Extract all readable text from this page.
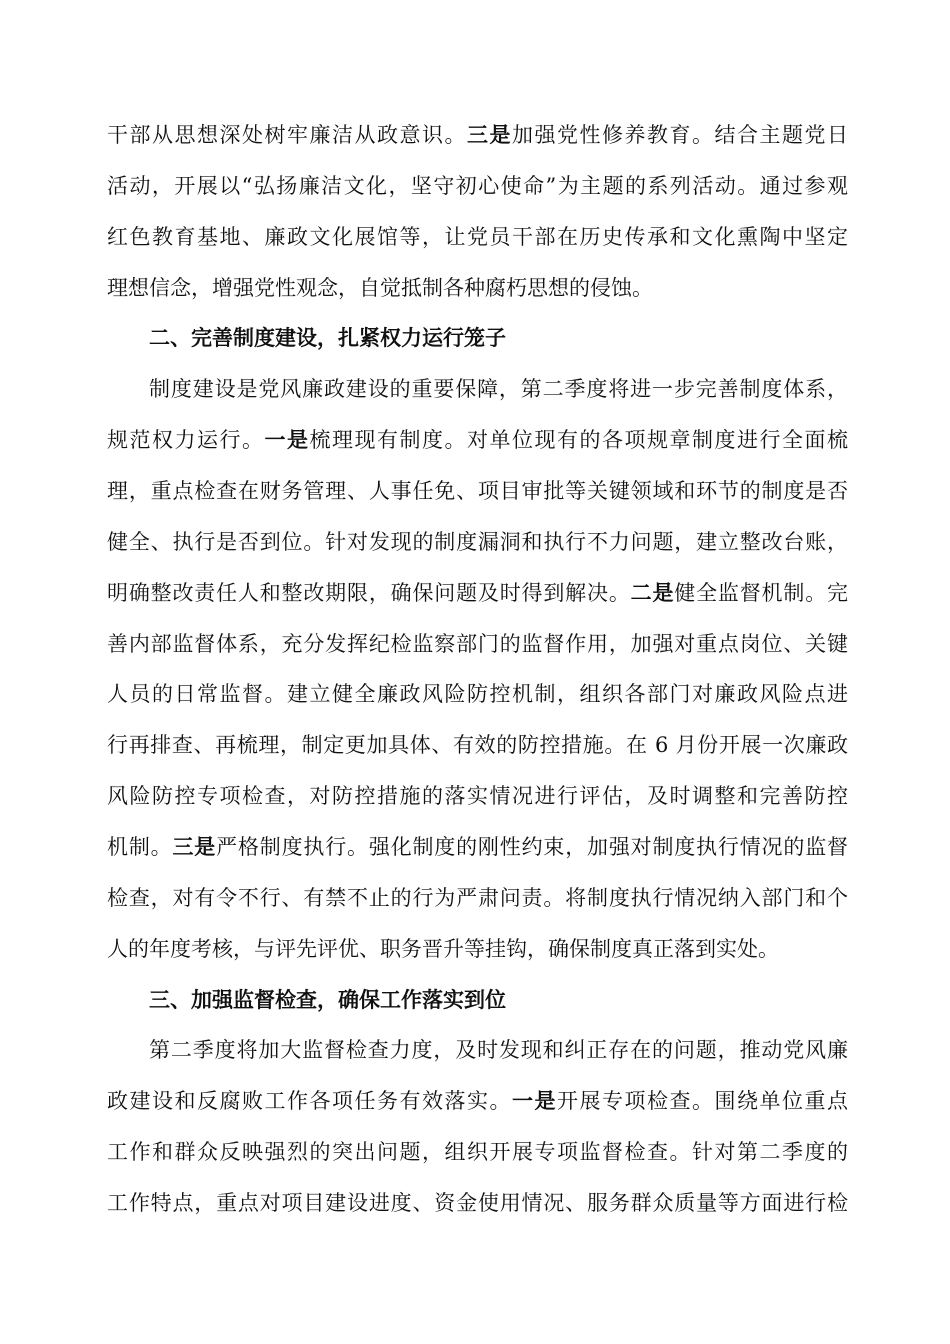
干部从思想深处树牢廉洁从政意识。三是加强党性修养教育。结合主题党日
活动，开展以“弘扬廉洁文化，坚守初心使命”为主题的系列活动。通过参观
红色教育基地、廉政文化展馆等，让党员干部在历史传承和文化熏陶中坚定
理想信念，增强党性观念，自觉抵制各种腐朽思想的侵蚀。
二、完善制度建设，扎紧权力运行笼子
制度建设是党风廉政建设的重要保障，第二季度将进一步完善制度体系，
规范权力运行。一是梳理现有制度。对单位现有的各项规章制度进行全面梳
理，重点检查在财务管理、人事任免、项目审批等关键领域和环节的制度是否
健全、执行是否到位。针对发现的制度漏洞和执行不力问题，建立整改台账，
明确整改责任人和整改期限，确保问题及时得到解决。二是健全监督机制。完
善内部监督体系，充分发挥纪检监察部门的监督作用，加强对重点岗位、关键
人员的日常监督。建立健全廉政风险防控机制，组织各部门对廉政风险点进
行再排查、再梳理，制定更加具体、有效的防控措施。在 6 月份开展一次廉政
风险防控专项检查，对防控措施的落实情况进行评估，及时调整和完善防控
机制。三是严格制度执行。强化制度的刚性约束，加强对制度执行情况的监督
检查，对有令不行、有禁不止的行为严肃问责。将制度执行情况纳入部门和个
人的年度考核，与评先评优、职务晋升等挂钩，确保制度真正落到实处。
三、加强监督检查，确保工作落实到位
第二季度将加大监督检查力度，及时发现和纠正存在的问题，推动党风廉
政建设和反腐败工作各项任务有效落实。一是开展专项检查。围绕单位重点
工作和群众反映强烈的突出问题，组织开展专项监督检查。针对第二季度的
工作特点，重点对项目建设进度、资金使用情况、服务群众质量等方面进行检
